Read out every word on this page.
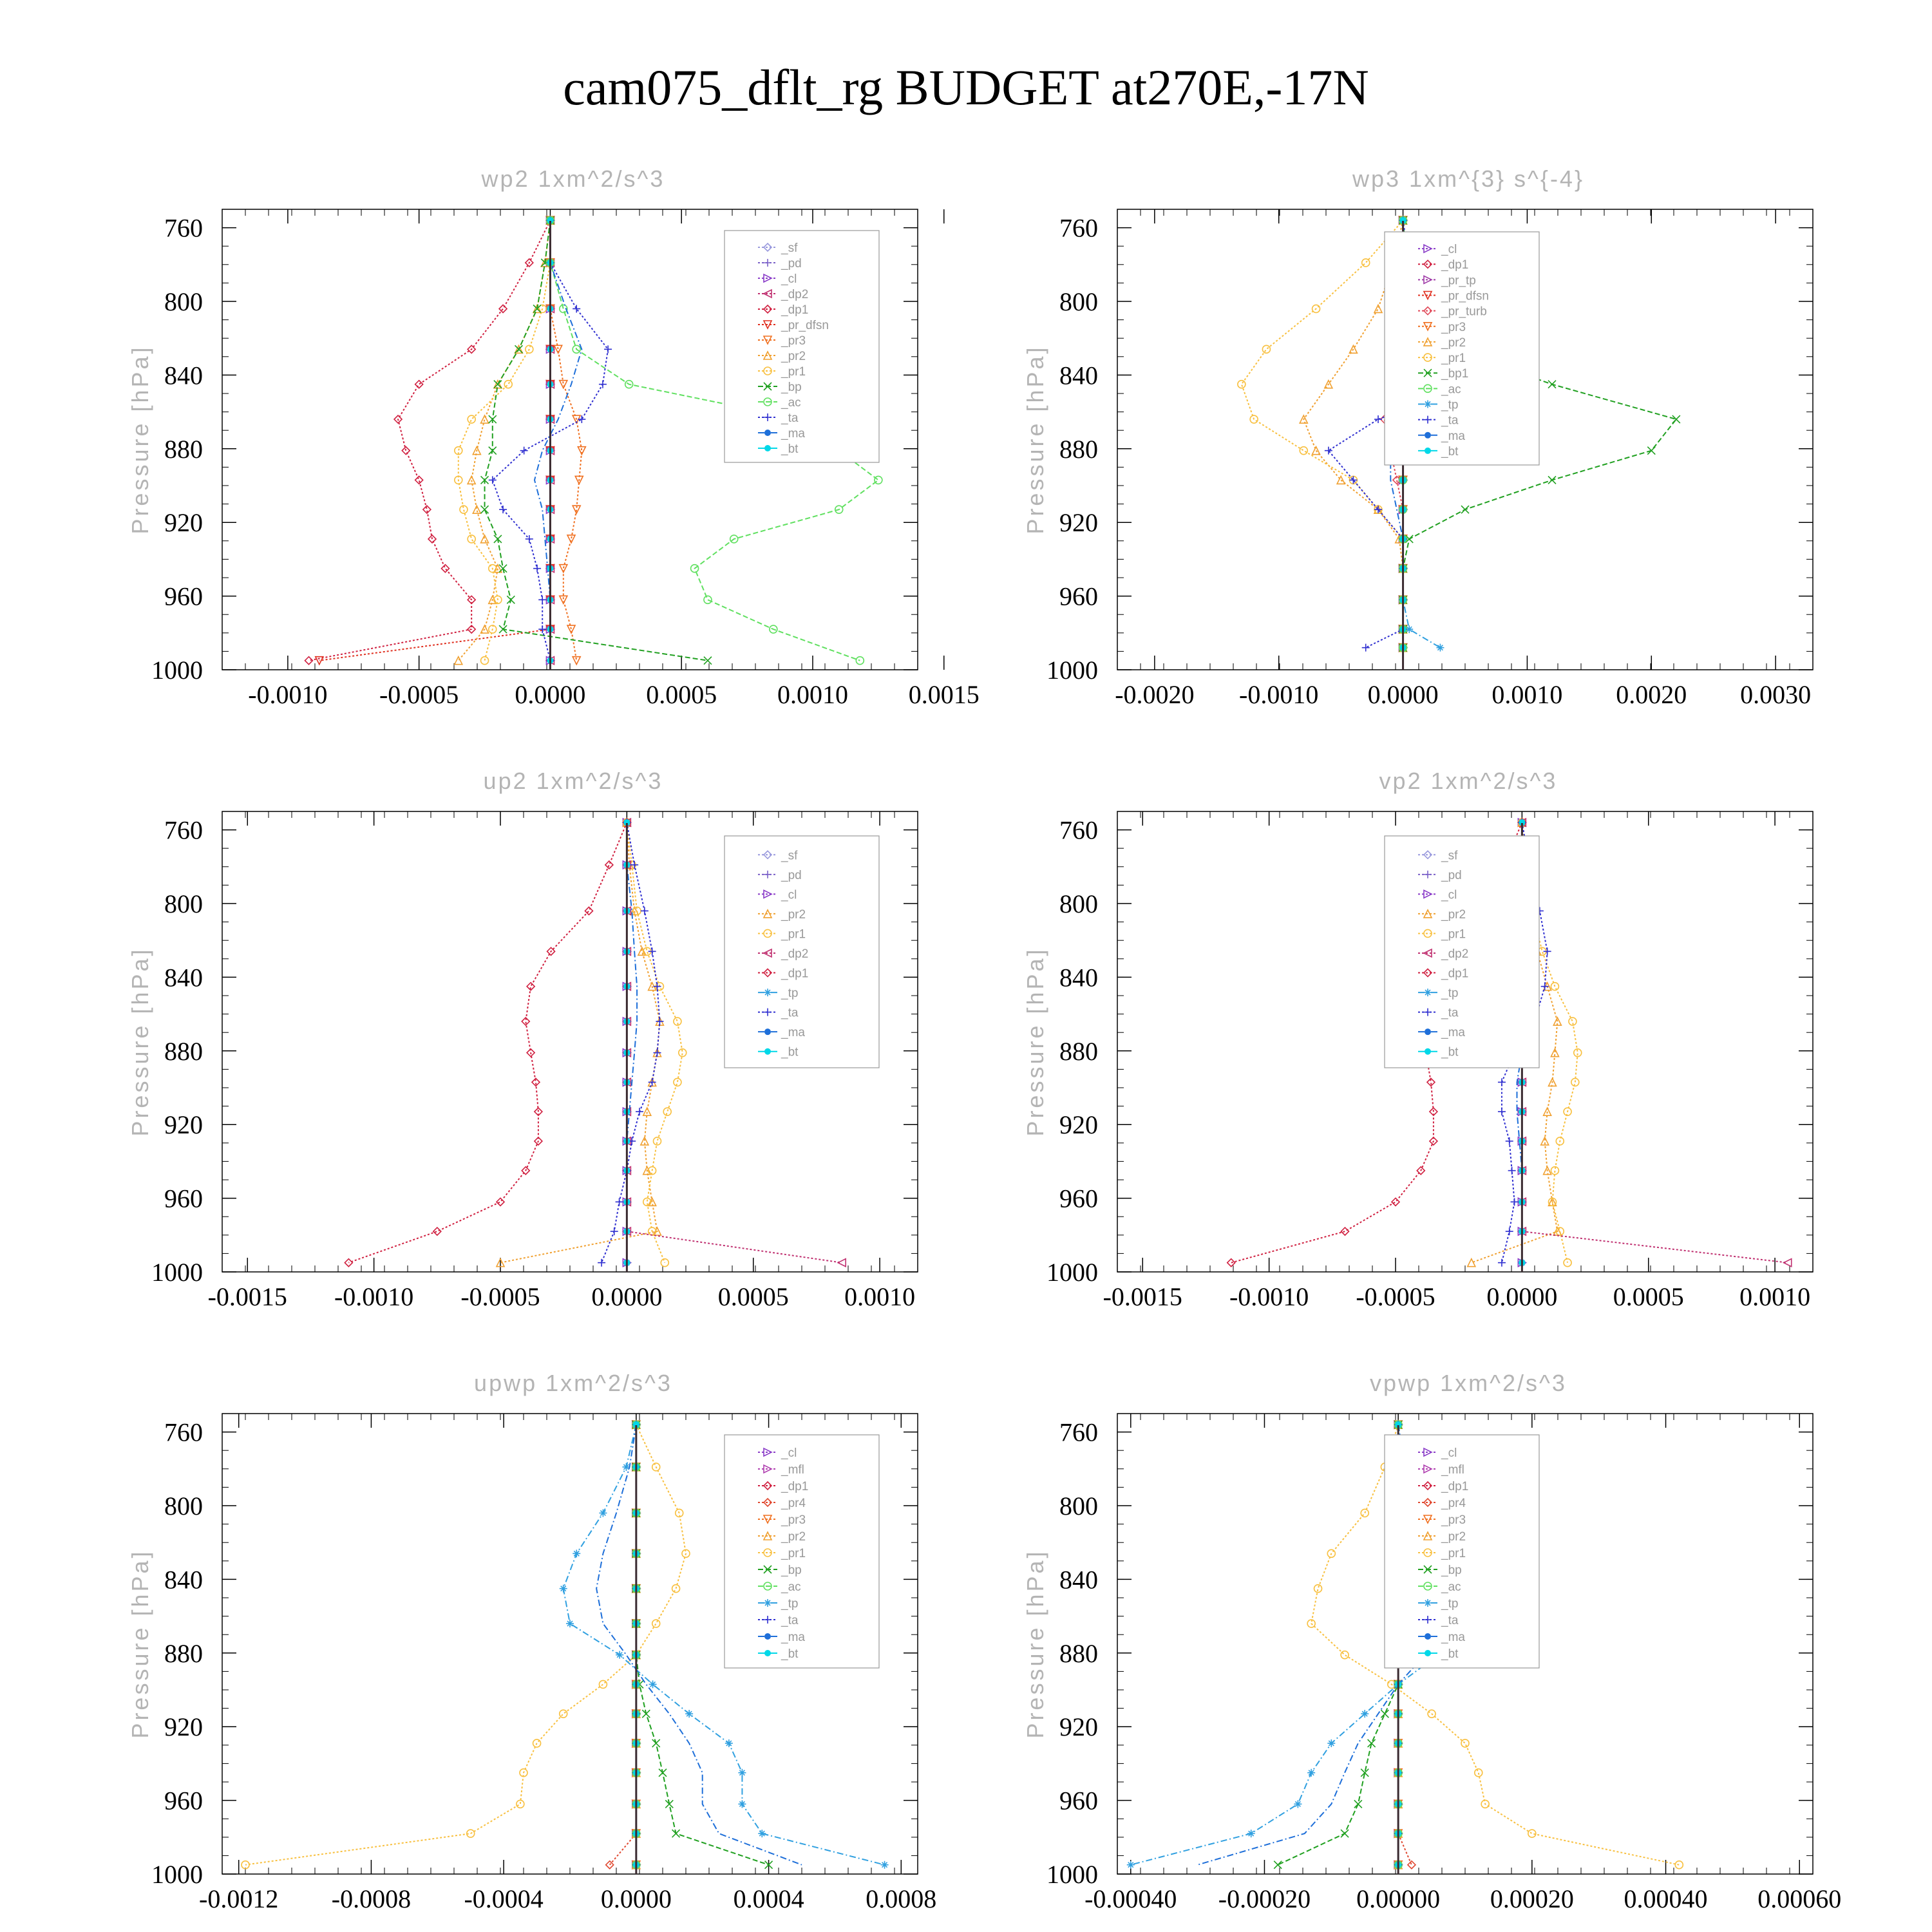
cam075_dflt_rg BUDGET at270E,-17N
wp2 1xm^2/s^3
Pressure [hPa]
760
800
840
880
920
960
1000
-0.0010 -0.0005 0.0000 0.0005 0.0010 0.0015
_sf
_pd
_cl
_dp2
_dp1
_pr_dfsn
_pr3
_pr2
_pr1
_bp
_ac
_ta
_ma
_bt
wp3 1xm^{3} s^{-4}
Pressure [hPa]
760
800
840
880
920
960
1000
-0.0020 -0.0010 0.0000 0.0010 0.0020 0.0030
_cl
_dp1
_pr_tp
_pr_dfsn
_pr_turb
_pr3
_pr2
_pr1
_bp1
_ac
_tp
_ta
_ma
_bt
up2 1xm^2/s^3
Pressure [hPa]
760
800
840
880
920
960
1000
-0.0015 -0.0010 -0.0005 0.0000 0.0005 0.0010
_sf
_pd
_cl
_pr2
_pr1
_dp2
_dp1
_tp
_ta
_ma
_bt
vp2 1xm^2/s^3
Pressure [hPa]
760
800
840
880
920
960
1000
-0.0015 -0.0010 -0.0005 0.0000 0.0005 0.0010
_sf
_pd
_cl
_pr2
_pr1
_dp2
_dp1
_tp
_ta
_ma
_bt
upwp 1xm^2/s^3
Pressure [hPa]
760
800
840
880
920
960
1000
-0.0012 -0.0008 -0.0004 0.0000 0.0004 0.0008
_cl
_mfl
_dp1
_pr4
_pr3
_pr2
_pr1
_bp
_ac
_tp
_ta
_ma
_bt
vpwp 1xm^2/s^3
Pressure [hPa]
760
800
840
880
920
960
1000
-0.00040 -0.00020 0.00000 0.00020 0.00040 0.00060
_cl
_mfl
_dp1
_pr4
_pr3
_pr2
_pr1
_bp
_ac
_tp
_ta
_ma
_bt
